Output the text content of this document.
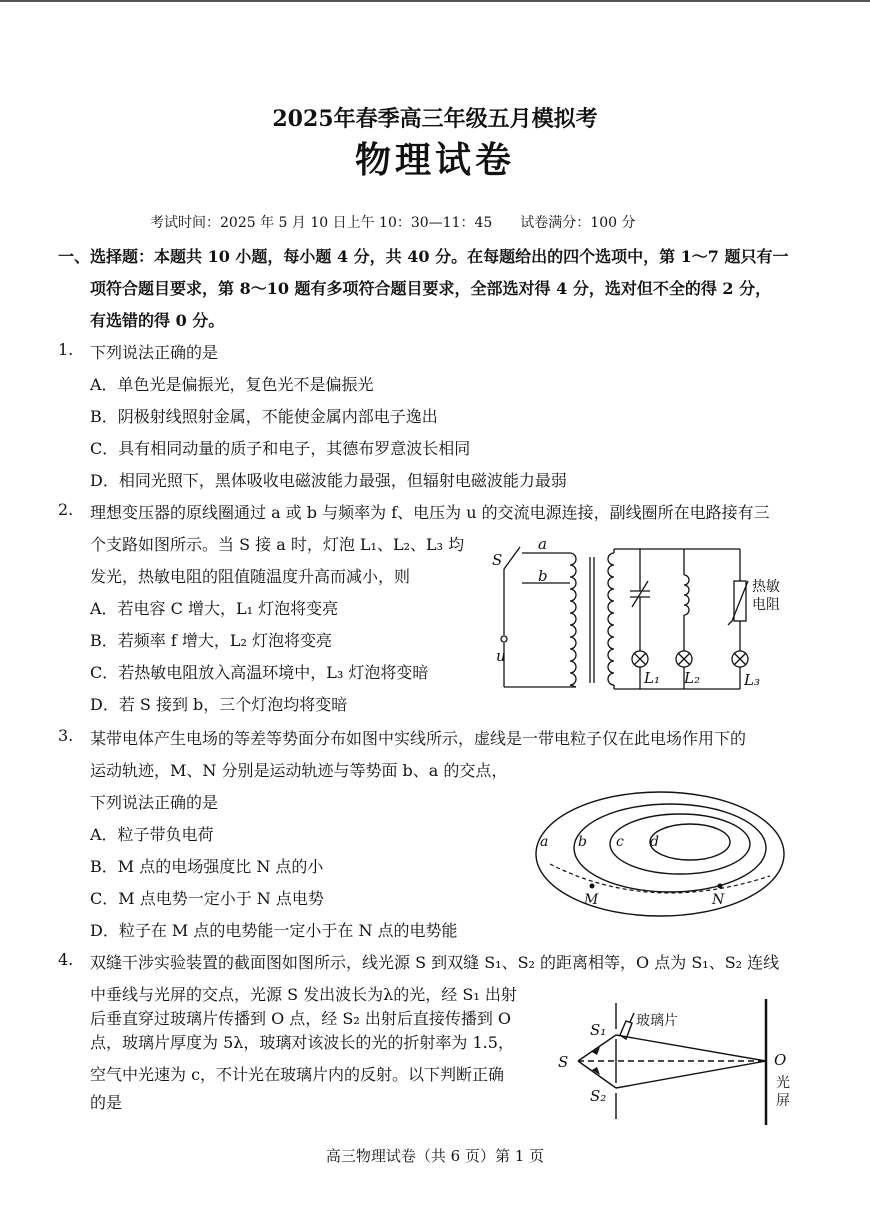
2025年春季高三年级五月模拟考
物理试卷
考试时间：2025 年 5 月 10 日上午 10：30—11：45　　试卷满分：100 分
一、选择题：本题共 10 小题，每小题 4 分，共 40 分。在每题给出的四个选项中，第 1～7 题只有一
项符合题目要求，第 8～10 题有多项符合题目要求，全部选对得 4 分，选对但不全的得 2 分，
有选错的得 0 分。
1. 下列说法正确的是
A．单色光是偏振光，复色光不是偏振光
B．阴极射线照射金属，不能使金属内部电子逸出
C．具有相同动量的质子和电子，其德布罗意波长相同
D．相同光照下，黑体吸收电磁波能力最强，但辐射电磁波能力最弱
2. 理想变压器的原线圈通过 a 或 b 与频率为 f、电压为 u 的交流电源连接，副线圈所在电路接有三
个支路如图所示。当 S 接 a 时，灯泡 L₁、L₂、L₃ 均
发光，热敏电阻的阻值随温度升高而减小，则
A．若电容 C 增大，L₁ 灯泡将变亮
B．若频率 f 增大，L₂ 灯泡将变亮
C．若热敏电阻放入高温环境中，L₃ 灯泡将变暗
D．若 S 接到 b，三个灯泡均将变暗
S
a
b
u
L₁ L₂	L₃
热敏
电阻
3. 某带电体产生电场的等差等势面分布如图中实线所示，虚线是一带电粒子仅在此电场作用下的
运动轨迹，M、N 分别是运动轨迹与等势面 b、a 的交点，
下列说法正确的是
A．粒子带负电荷
B．M 点的电场强度比 N 点的小
C．M 点电势一定小于 N 点电势
D．粒子在 M 点的电势能一定小于在 N 点的电势能
a b c d
M	N
4. 双缝干涉实验装置的截面图如图所示，线光源 S 到双缝 S₁、S₂ 的距离相等，O 点为 S₁、S₂ 连线
中垂线与光屏的交点，光源 S 发出波长为λ的光，经 S₁ 出射
后垂直穿过玻璃片传播到 O 点，经 S₂ 出射后直接传播到 O
点，玻璃片厚度为 5λ，玻璃对该波长的光的折射率为 1.5，
空气中光速为 c，不计光在玻璃片内的反射。以下判断正确
的是
S
S₁
S₂
O
玻璃片
光
屏
高三物理试卷（共 6 页）第 1 页
